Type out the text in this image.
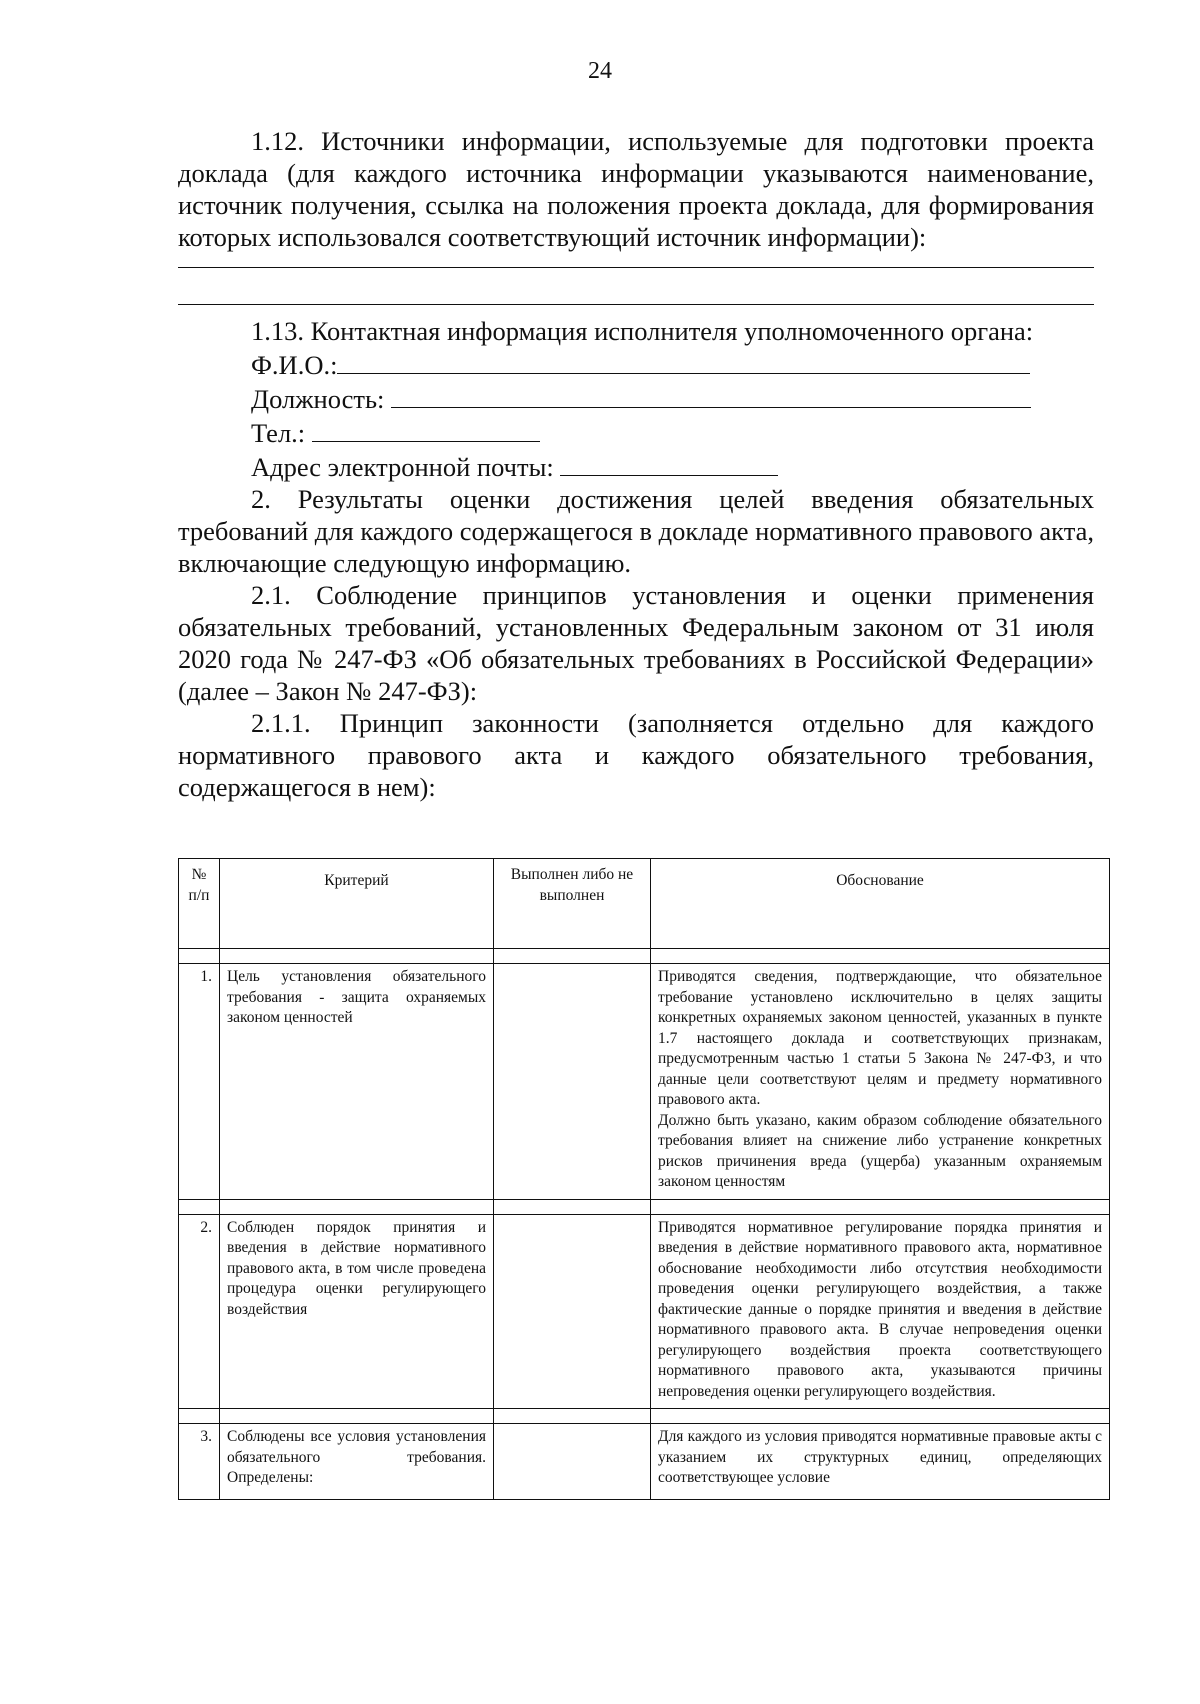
24

1.12. Источники информации, используемые для подготовки проекта доклада (для каждого источника информации указываются наименование, источник получения, ссылка на положения проекта доклада, для формирования которых использовался соответствующий источник информации):

1.13. Контактная информация исполнителя уполномоченного органа:

Ф.И.О.:
Должность:
Тел.:
Адрес электронной почты:

2. Результаты оценки достижения целей введения обязательных требований для каждого содержащегося в докладе нормативного правового акта, включающие следующую информацию.

2.1. Соблюдение принципов установления и оценки применения обязательных требований, установленных Федеральным законом от 31 июля 2020 года № 247-ФЗ «Об обязательных требованиях в Российской Федерации» (далее – Закон № 247-ФЗ):

2.1.1. Принцип законности (заполняется отдельно для каждого нормативного правового акта и каждого обязательного требования, содержащегося в нем):

№ п/п	Критерий	Выполнен либо не выполнен	Обоснование

1.	Цель установления обязательного требования - защита охраняемых законом ценностей		Приводятся сведения, подтверждающие, что обязательное требование установлено исключительно в целях защиты конкретных охраняемых законом ценностей, указанных в пункте 1.7 настоящего доклада и соответствующих признакам, предусмотренным частью 1 статьи 5 Закона № 247-ФЗ, и что данные цели соответствуют целям и предмету нормативного правового акта.

Должно быть указано, каким образом соблюдение обязательного требования влияет на снижение либо устранение конкретных рисков причинения вреда (ущерба) указанным охраняемым законом ценностям

2.	Соблюден порядок принятия и введения в действие нормативного правового акта, в том числе проведена процедура оценки регулирующего воздействия		Приводятся нормативное регулирование порядка принятия и введения в действие нормативного правового акта, нормативное обоснование необходимости либо отсутствия необходимости проведения оценки регулирующего воздействия, а также фактические данные о порядке принятия и введения в действие нормативного правового акта. В случае непроведения оценки регулирующего воздействия проекта соответствующего нормативного правового акта, указываются причины непроведения оценки регулирующего воздействия.

3.	Соблюдены все условия установления обязательного требования. Определены:		Для каждого из условия приводятся нормативные правовые акты с указанием их структурных единиц, определяющих соответствующее условие
